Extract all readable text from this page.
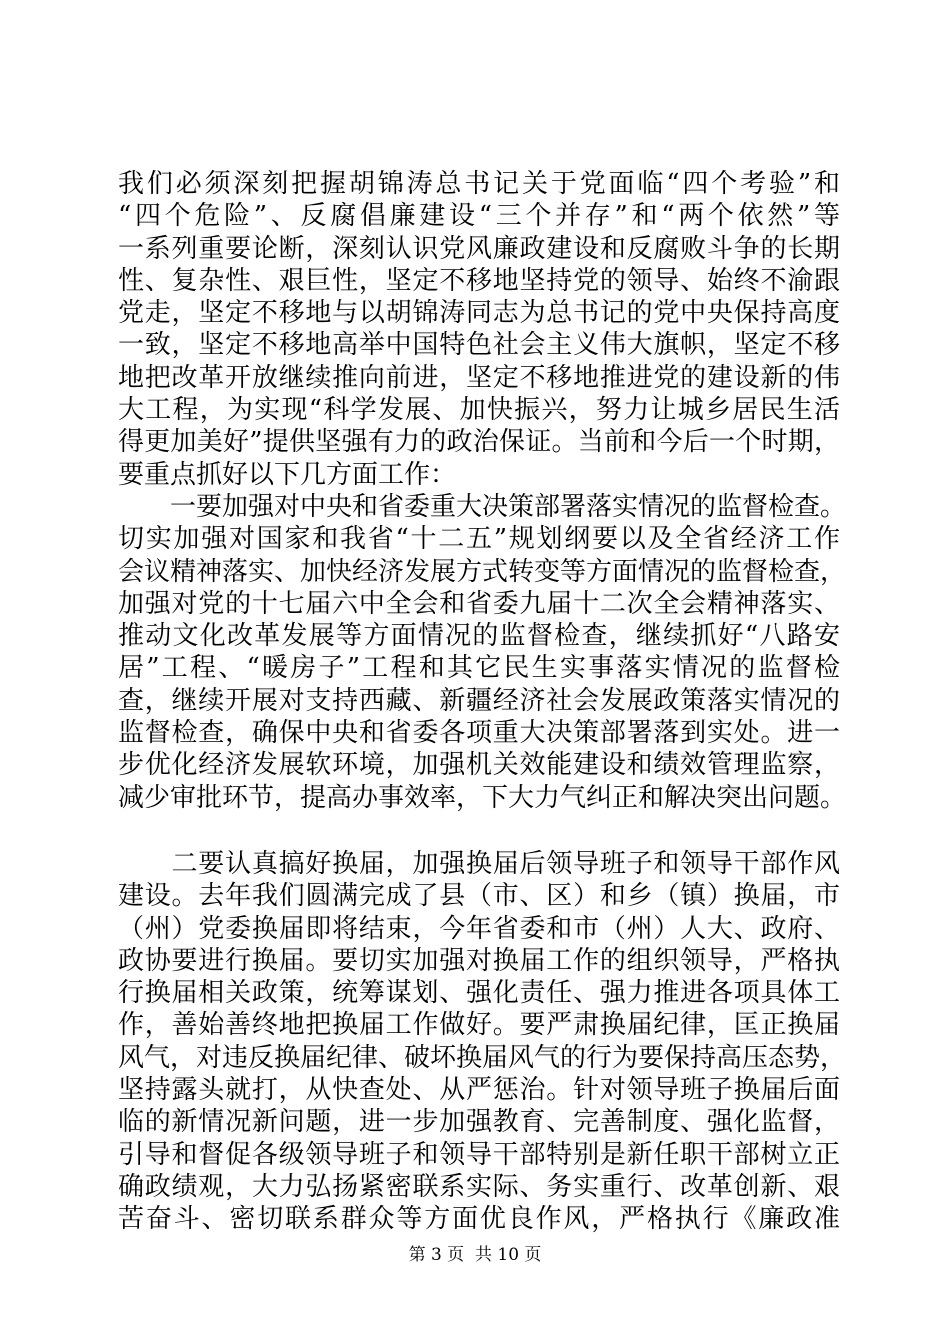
我们必须深刻把握胡锦涛总书记关于党面临“四个考验”和
“四个危险”、反腐倡廉建设“三个并存”和“两个依然”等
一系列重要论断，深刻认识党风廉政建设和反腐败斗争的长期
性、复杂性、艰巨性，坚定不移地坚持党的领导、始终不渝跟
党走，坚定不移地与以胡锦涛同志为总书记的党中央保持高度
一致，坚定不移地高举中国特色社会主义伟大旗帜，坚定不移
地把改革开放继续推向前进，坚定不移地推进党的建设新的伟
大工程，为实现“科学发展、加快振兴，努力让城乡居民生活
得更加美好”提供坚强有力的政治保证。当前和今后一个时期，
要重点抓好以下几方面工作：
　　一要加强对中央和省委重大决策部署落实情况的监督检查。
切实加强对国家和我省“十二五”规划纲要以及全省经济工作
会议精神落实、加快经济发展方式转变等方面情况的监督检查，
加强对党的十七届六中全会和省委九届十二次全会精神落实、
推动文化改革发展等方面情况的监督检查，继续抓好“八路安
居”工程、“暖房子”工程和其它民生实事落实情况的监督检
查，继续开展对支持西藏、新疆经济社会发展政策落实情况的
监督检查，确保中央和省委各项重大决策部署落到实处。进一
步优化经济发展软环境，加强机关效能建设和绩效管理监察，
减少审批环节，提高办事效率，下大力气纠正和解决突出问题。
　　二要认真搞好换届，加强换届后领导班子和领导干部作风
建设。去年我们圆满完成了县（市、区）和乡（镇）换届，市
（州）党委换届即将结束，今年省委和市（州）人大、政府、
政协要进行换届。要切实加强对换届工作的组织领导，严格执
行换届相关政策，统筹谋划、强化责任、强力推进各项具体工
作，善始善终地把换届工作做好。要严肃换届纪律，匡正换届
风气，对违反换届纪律、破坏换届风气的行为要保持高压态势，
坚持露头就打，从快查处、从严惩治。针对领导班子换届后面
临的新情况新问题，进一步加强教育、完善制度、强化监督，
引导和督促各级领导班子和领导干部特别是新任职干部树立正
确政绩观，大力弘扬紧密联系实际、务实重行、改革创新、艰
苦奋斗、密切联系群众等方面优良作风，严格执行《廉政准
第 3 页  共 10 页
